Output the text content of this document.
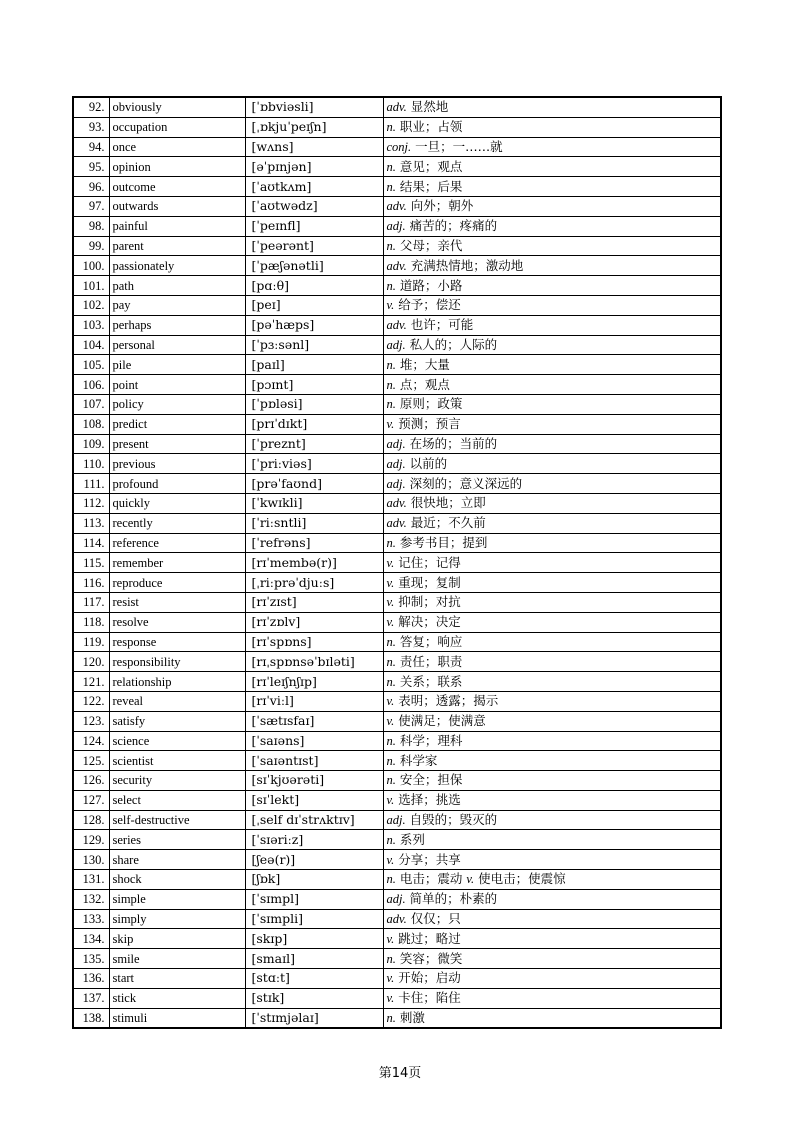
92.	obviously	[ˈɒbviəsli]	adv. 显然地
93.	occupation	[ˌɒkjuˈpeɪʃn]	n. 职业；占领
94.	once	[wʌns]	conj. 一旦；一……就
95.	opinion	[əˈpɪnjən]	n. 意见；观点
96.	outcome	[ˈaʊtkʌm]	n. 结果；后果
97.	outwards	[ˈaʊtwədz]	adv. 向外；朝外
98.	painful	[ˈpeɪnfl]	adj. 痛苦的；疼痛的
99.	parent	[ˈpeərənt]	n. 父母；亲代
100.	passionately	[ˈpæʃənətli]	adv. 充满热情地；激动地
101.	path	[pɑːθ]	n. 道路；小路
102.	pay	[peɪ]	v. 给予；偿还
103.	perhaps	[pəˈhæps]	adv. 也许；可能
104.	personal	[ˈpɜːsənl]	adj. 私人的；人际的
105.	pile	[paɪl]	n. 堆；大量
106.	point	[pɔɪnt]	n. 点；观点
107.	policy	[ˈpɒləsi]	n. 原则；政策
108.	predict	[prɪˈdɪkt]	v. 预测；预言
109.	present	[ˈpreznt]	adj. 在场的；当前的
110.	previous	[ˈpriːviəs]	adj. 以前的
111.	profound	[prəˈfaʊnd]	adj. 深刻的；意义深远的
112.	quickly	[ˈkwɪkli]	adv. 很快地；立即
113.	recently	[ˈriːsntli]	adv. 最近；不久前
114.	reference	[ˈrefrəns]	n. 参考书目；提到
115.	remember	[rɪˈmembə(r)]	v. 记住；记得
116.	reproduce	[ˌriːprəˈdjuːs]	v. 重现；复制
117.	resist	[rɪˈzɪst]	v. 抑制；对抗
118.	resolve	[rɪˈzɒlv]	v. 解决；决定
119.	response	[rɪˈspɒns]	n. 答复；响应
120.	responsibility	[rɪˌspɒnsəˈbɪləti]	n. 责任；职责
121.	relationship	[rɪˈleɪʃnʃɪp]	n. 关系；联系
122.	reveal	[rɪˈviːl]	v. 表明；透露；揭示
123.	satisfy	[ˈsætɪsfaɪ]	v. 使满足；使满意
124.	science	[ˈsaɪəns]	n. 科学；理科
125.	scientist	[ˈsaɪəntɪst]	n. 科学家
126.	security	[sɪˈkjʊərəti]	n. 安全；担保
127.	select	[sɪˈlekt]	v. 选择；挑选
128.	self-destructive	[ˌself dɪˈstrʌktɪv]	adj. 自毁的；毁灭的
129.	series	[ˈsɪəriːz]	n. 系列
130.	share	[ʃeə(r)]	v. 分享；共享
131.	shock	[ʃɒk]	n. 电击；震动 v. 使电击；使震惊
132.	simple	[ˈsɪmpl]	adj. 简单的；朴素的
133.	simply	[ˈsɪmpli]	adv. 仅仅；只
134.	skip	[skɪp]	v. 跳过；略过
135.	smile	[smaɪl]	n. 笑容；微笑
136.	start	[stɑːt]	v. 开始；启动
137.	stick	[stɪk]	v. 卡住；陷住
138.	stimuli	[ˈstɪmjəlaɪ]	n. 刺激
第14页
